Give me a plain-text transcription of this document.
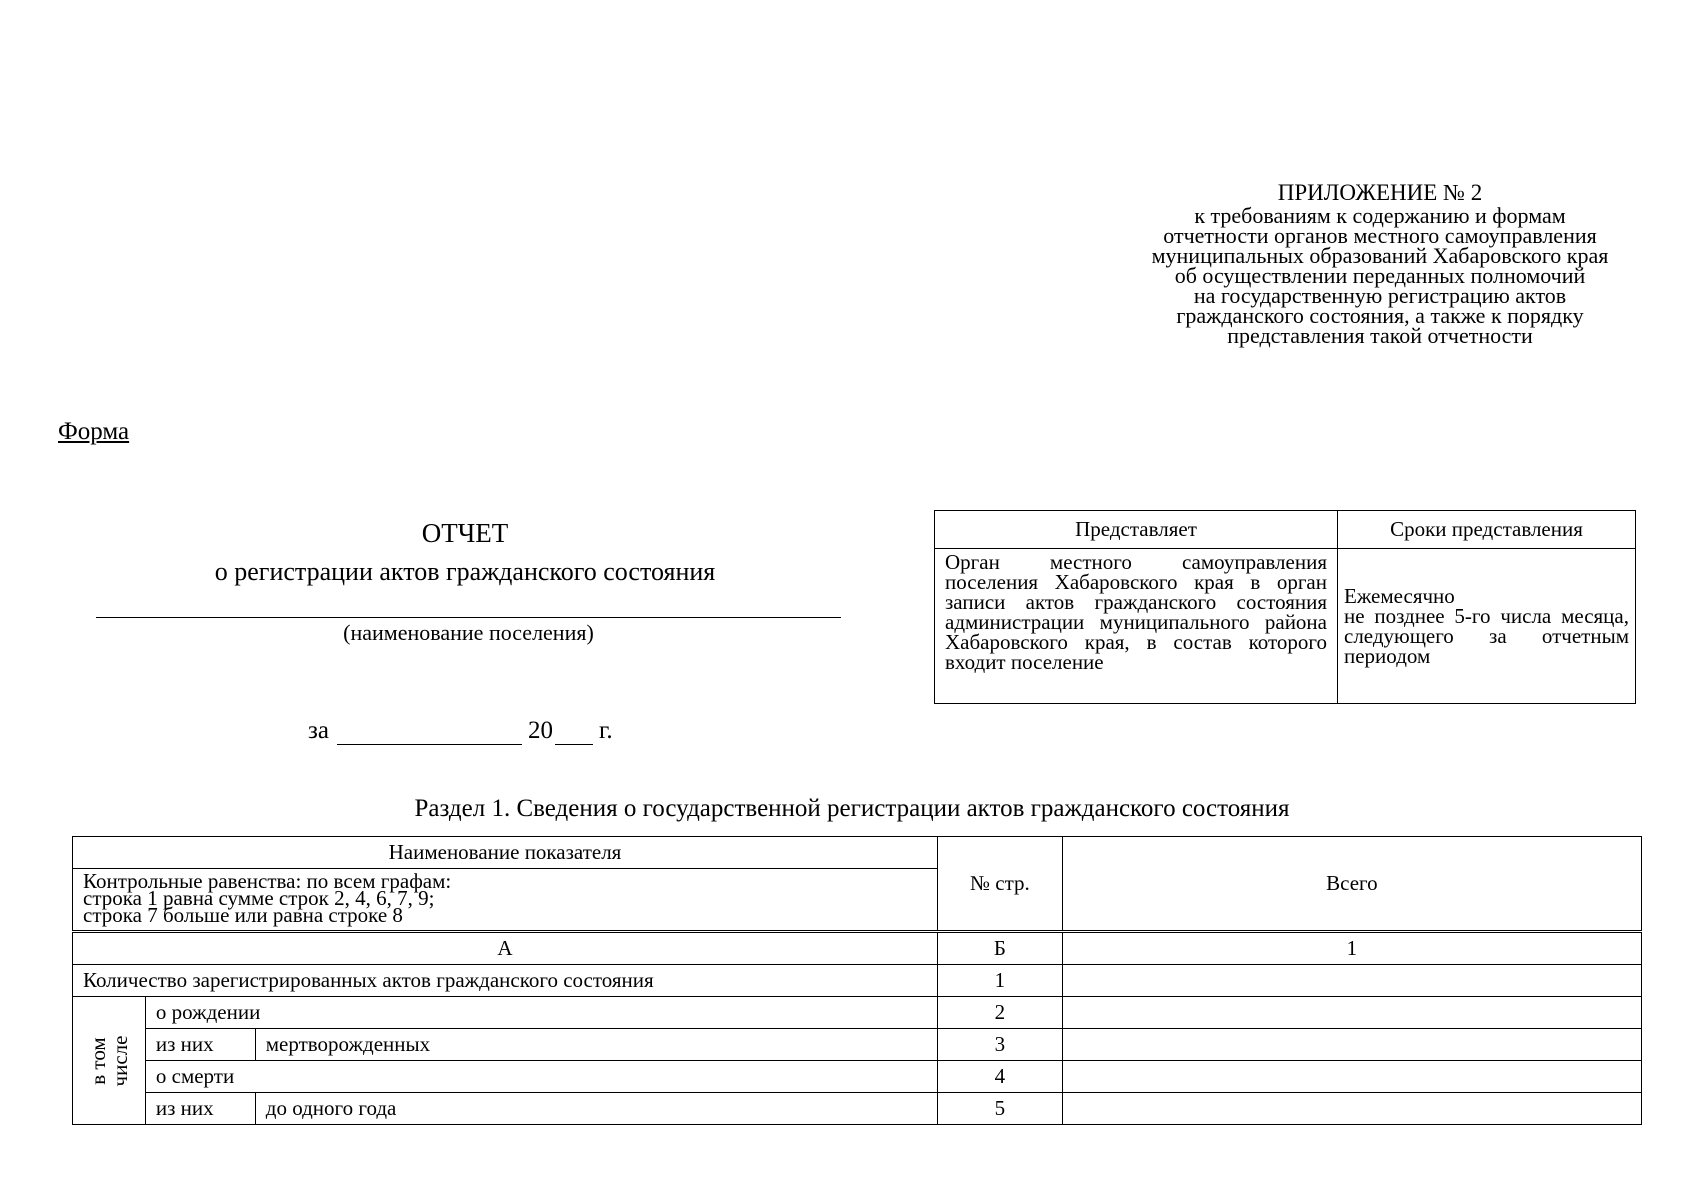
ПРИЛОЖЕНИЕ № 2
к требованиям к содержанию и формам
отчетности органов местного самоуправления
муниципальных образований Хабаровского края
об осуществлении переданных полномочий
на государственную регистрацию актов
гражданского состояния, а также к порядку
представления такой отчетности
Форма
ОТЧЕТ
о регистрации актов гражданского состояния
(наименование поселения)
за	20 г.
Представляет	Сроки представления
Орган местного самоуправления поселения Хабаровского края в орган записи актов гражданского состояния администрации муниципального района Хабаровского края, в состав которого входит поселение	Ежемесячно
не позднее 5-го числа месяца, следующего за отчетным периодом
Раздел 1. Сведения о государственной регистрации актов гражданского состояния
Наименование показателя			№ стр.	Всего

Контрольные равенства: по всем графам:
строка 1 равна сумме строк 2, 4, 6, 7, 9;
строка 7 больше или равна строке 8				

А			Б	1
Количество зарегистрированных актов гражданского состояния			1	

в том
числе	о рождении		2	
	из них	мертворожденных	3	
	о смерти		4	
	из них	до одного года	5	
